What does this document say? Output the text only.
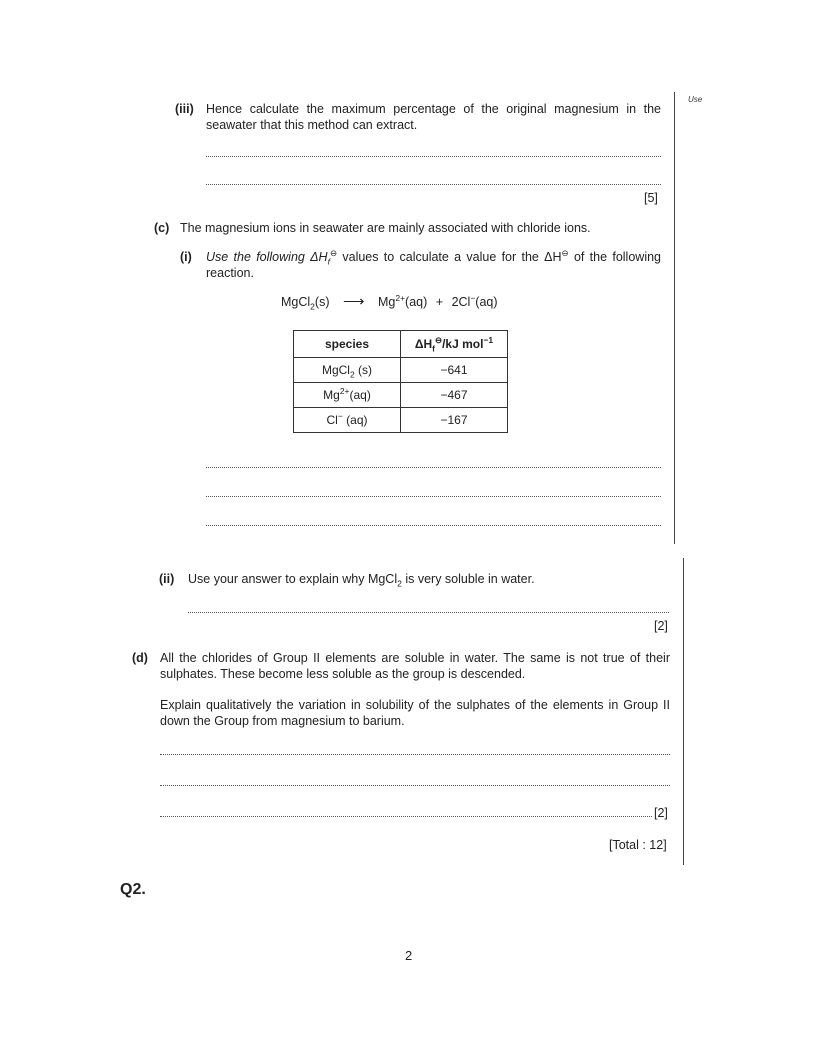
Use
(iii) Hence calculate the maximum percentage of the original magnesium in the seawater that this method can extract.
[5]
(c) The magnesium ions in seawater are mainly associated with chloride ions.
(i) Use the following $\Delta H_f^⊖$ values to calculate a value for the ΔH⊖ of the following reaction.
MgCl$_2$(s) ⟶ $Mg^{2+}(aq) + 2Cl^-(aq)$
species	$\Delta H_f^⊖/kJ$ mol$^{-1}$
MgCl$_2$ (s)	−641
$Mg^{2+}(aq)$	−467
Cl− (aq)	−167
(ii) Use your answer to explain why MgCl$_2$ is very soluble in water.
[2]
(d) All the chlorides of Group II elements are soluble in water. The same is not true of their sulphates. These become less soluble as the group is descended.
Explain qualitatively the variation in solubility of the sulphates of the elements in Group II down the Group from magnesium to barium.
[2]
[Total : 12]
Q2.
2
